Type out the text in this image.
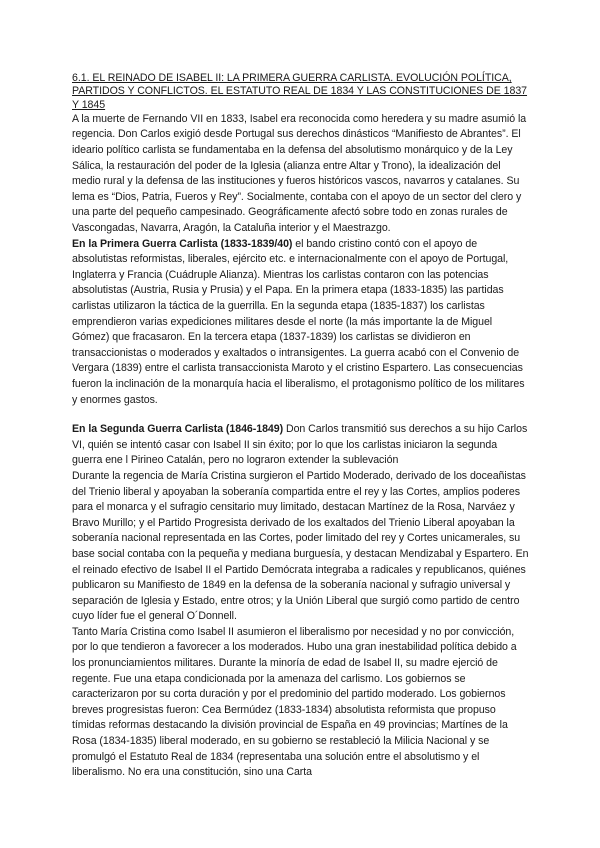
6.1. EL REINADO DE ISABEL II: LA PRIMERA GUERRA CARLISTA. EVOLUCIÓN POLÍTICA, PARTIDOS Y CONFLICTOS. EL ESTATUTO REAL DE 1834 Y LAS CONSTITUCIONES DE 1837 Y 1845

A la muerte de Fernando VII en 1833, Isabel era reconocida como heredera y su madre asumió la regencia. Don Carlos exigió desde Portugal sus derechos dinásticos “Manifiesto de Abrantes”. El ideario político carlista se fundamentaba en la defensa del absolutismo monárquico y de la Ley Sálica, la restauración del poder de la Iglesia (alianza entre Altar y Trono), la idealización del medio rural y la defensa de las instituciones y fueros históricos vascos, navarros y catalanes. Su lema es “Dios, Patria, Fueros y Rey”. Socialmente, contaba con el apoyo de un sector del clero y una parte del pequeño campesinado. Geográficamente afectó sobre todo en zonas rurales de Vascongadas, Navarra, Aragón, la Cataluña interior y el Maestrazgo.

En la Primera Guerra Carlista (1833-1839/40) el bando cristino contó con el apoyo de absolutistas reformistas, liberales, ejército etc. e internacionalmente con el apoyo de Portugal, Inglaterra y Francia (Cuádruple Alianza). Mientras los carlistas contaron con las potencias absolutistas (Austria, Rusia y Prusia) y el Papa. En la primera etapa (1833-1835) las partidas carlistas utilizaron la táctica de la guerrilla. En la segunda etapa (1835-1837) los carlistas emprendieron varias expediciones militares desde el norte (la más importante la de Miguel Gómez) que fracasaron. En la tercera etapa (1837-1839) los carlistas se dividieron en transaccionistas o moderados y exaltados o intransigentes. La guerra acabó con el Convenio de Vergara (1839) entre el carlista transaccionista Maroto y el cristino Espartero. Las consecuencias fueron la inclinación de la monarquía hacia el liberalismo, el protagonismo político de los militares y enormes gastos.

En la Segunda Guerra Carlista (1846-1849) Don Carlos transmitió sus derechos a su hijo Carlos VI, quién se intentó casar con Isabel II sin éxito; por lo que los carlistas iniciaron la segunda guerra ene l Pirineo Catalán, pero no lograron extender la sublevación

Durante la regencia de María Cristina surgieron el Partido Moderado, derivado de los doceañistas del Trienio liberal y apoyaban la soberanía compartida entre el rey y las Cortes, amplios poderes para el monarca y el sufragio censitario muy limitado, destacan Martínez de la Rosa, Narváez y Bravo Murillo; y el Partido Progresista derivado de los exaltados del Trienio Liberal apoyaban la soberanía nacional representada en las Cortes, poder limitado del rey y Cortes unicamerales, su base social contaba con la pequeña y mediana burguesía, y destacan Mendizabal y Espartero. En el reinado efectivo de Isabel II el Partido Demócrata integraba a radicales y republicanos, quiénes publicaron su Manifiesto de 1849 en la defensa de la soberanía nacional y sufragio universal y separación de Iglesia y Estado, entre otros; y la Unión Liberal que surgió como partido de centro cuyo líder fue el general O´Donnell.

Tanto María Cristina como Isabel II asumieron el liberalismo por necesidad y no por convicción, por lo que tendieron a favorecer a los moderados. Hubo una gran inestabilidad política debido a los pronunciamientos militares. Durante la minoría de edad de Isabel II, su madre ejerció de regente. Fue una etapa condicionada por la amenaza del carlismo. Los gobiernos se caracterizaron por su corta duración y por el predominio del partido moderado. Los gobiernos breves progresistas fueron: Cea Bermúdez (1833-1834) absolutista reformista que propuso tímidas reformas destacando la división provincial de España en 49 provincias; Martínes de la Rosa (1834-1835) liberal moderado, en su gobierno se restableció la Milicia Nacional y se promulgó el Estatuto Real de 1834 (representaba una solución entre el absolutismo y el liberalismo. No era una constitución, sino una Carta
